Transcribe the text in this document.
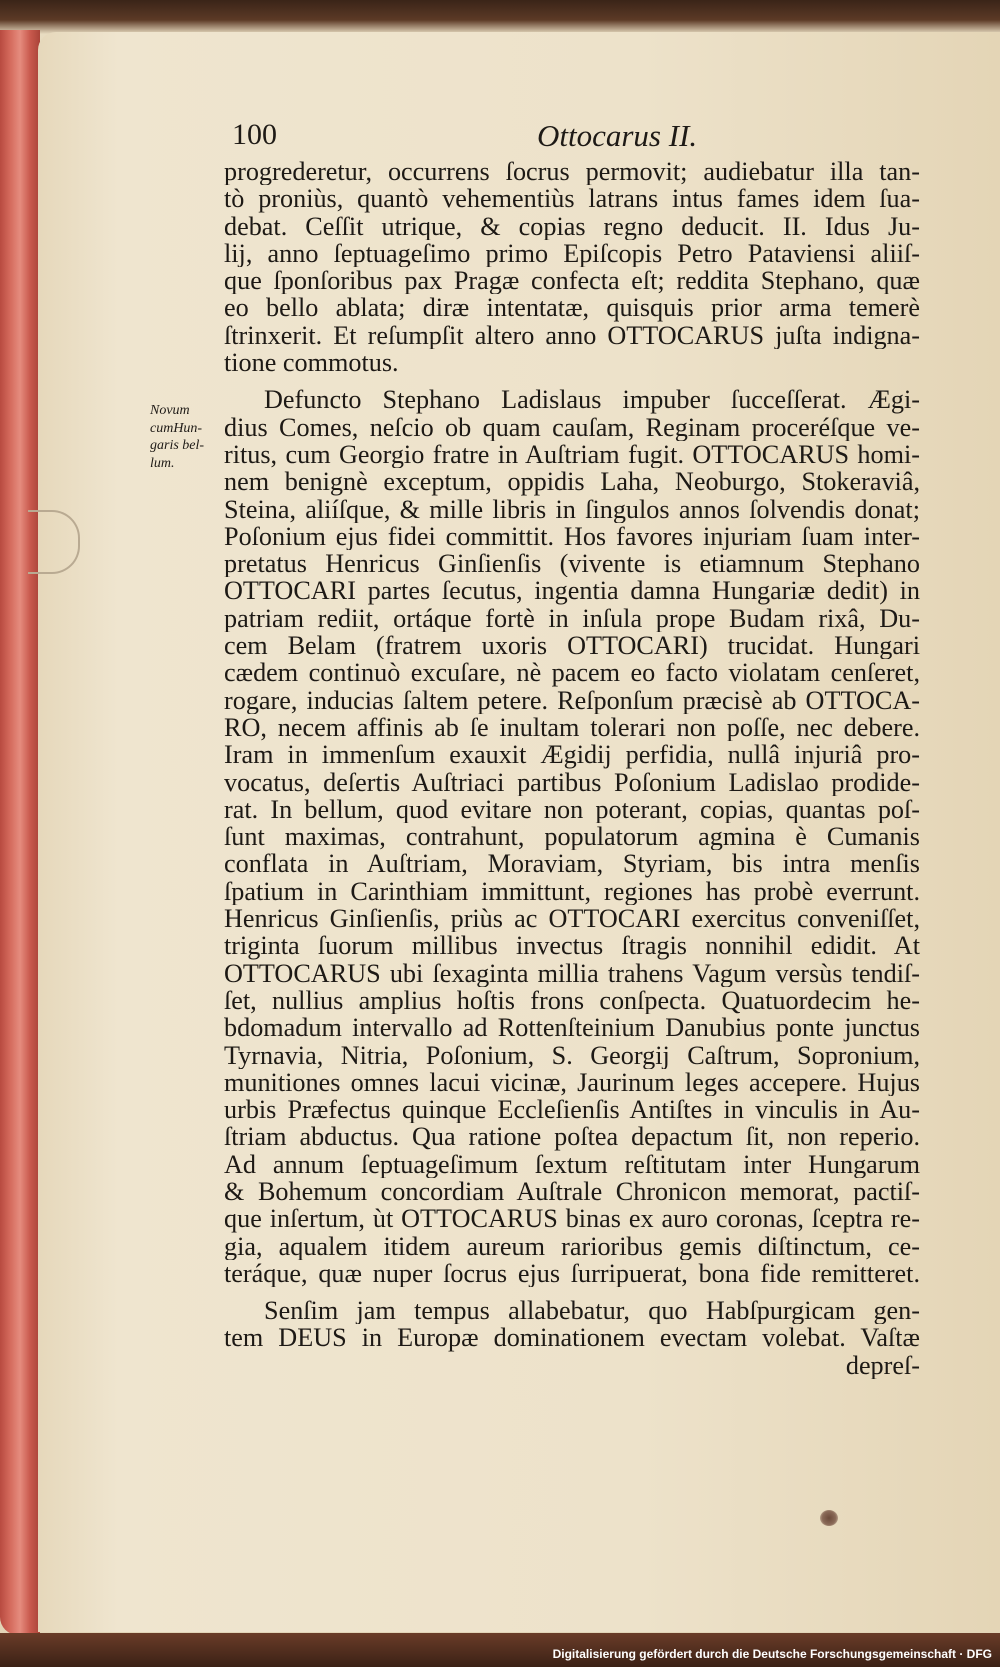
100	Ottocarus II.
Novum
cumHun-
garis bel-
lum.
progrederetur, occurrens ſocrus permovit; audiebatur illa tan-
tò proniùs, quantò vehementiùs latrans intus fames idem ſua-
debat. Ceſſit utrique, & copias regno deducit. II. Idus Ju-
lij, anno ſeptuageſimo primo Epiſcopis Petro Pataviensi aliiſ-
que ſponſoribus pax Pragæ confecta eſt; reddita Stephano, quæ
eo bello ablata; diræ intentatæ, quisquis prior arma temerè
ſtrinxerit. Et reſumpſit altero anno OTTOCARUS juſta indigna-
tione commotus.
Defuncto Stephano Ladislaus impuber ſucceſſerat. Ægi-
dius Comes, neſcio ob quam cauſam, Reginam proceréſque ve-
ritus, cum Georgio fratre in Auſtriam fugit. OTTOCARUS homi-
nem benignè exceptum, oppidis Laha, Neoburgo, Stokeraviâ,
Steina, aliíſque, & mille libris in ſingulos annos ſolvendis donat;
Poſonium ejus fidei committit. Hos favores injuriam ſuam inter-
pretatus Henricus Ginſienſis (vivente is etiamnum Stephano
OTTOCARI partes ſecutus, ingentia damna Hungariæ dedit) in
patriam rediit, ortáque fortè in inſula prope Budam rixâ, Du-
cem Belam (fratrem uxoris OTTOCARI) trucidat. Hungari
cædem continuò excuſare, nè pacem eo facto violatam cenſeret,
rogare, inducias ſaltem petere. Reſponſum præcisè ab OTTOCA-
RO, necem affinis ab ſe inultam tolerari non poſſe, nec debere.
Iram in immenſum exauxit Ægidij perfidia, nullâ injuriâ pro-
vocatus, deſertis Auſtriaci partibus Poſonium Ladislao prodide-
rat. In bellum, quod evitare non poterant, copias, quantas poſ-
ſunt maximas, contrahunt, populatorum agmina è Cumanis
conflata in Auſtriam, Moraviam, Styriam, bis intra menſis
ſpatium in Carinthiam immittunt, regiones has probè everrunt.
Henricus Ginſienſis, priùs ac OTTOCARI exercitus conveniſſet,
triginta ſuorum millibus invectus ſtragis nonnihil edidit. At
OTTOCARUS ubi ſexaginta millia trahens Vagum versùs tendiſ-
ſet, nullius amplius hoſtis frons conſpecta. Quatuordecim he-
bdomadum intervallo ad Rottenſteinium Danubius ponte junctus
Tyrnavia, Nitria, Poſonium, S. Georgij Caſtrum, Sopronium,
munitiones omnes lacui vicinæ, Jaurinum leges accepere. Hujus
urbis Præfectus quinque Eccleſienſis Antiſtes in vinculis in Au-
ſtriam abductus. Qua ratione poſtea depactum ſit, non reperio.
Ad annum ſeptuageſimum ſextum reſtitutam inter Hungarum
& Bohemum concordiam Auſtrale Chronicon memorat, pactiſ-
que inſertum, ùt OTTOCARUS binas ex auro coronas, ſceptra re-
gia, aqualem itidem aureum rarioribus gemis diſtinctum, ce-
teráque, quæ nuper ſocrus ejus ſurripuerat, bona fide remitteret.
Senſim jam tempus allabebatur, quo Habſpurgicam gen-
tem DEUS in Europæ dominationem evectam volebat. Vaſtæ
depreſ-
Digitalisierung gefördert durch die Deutsche Forschungsgemeinschaft · DFG
